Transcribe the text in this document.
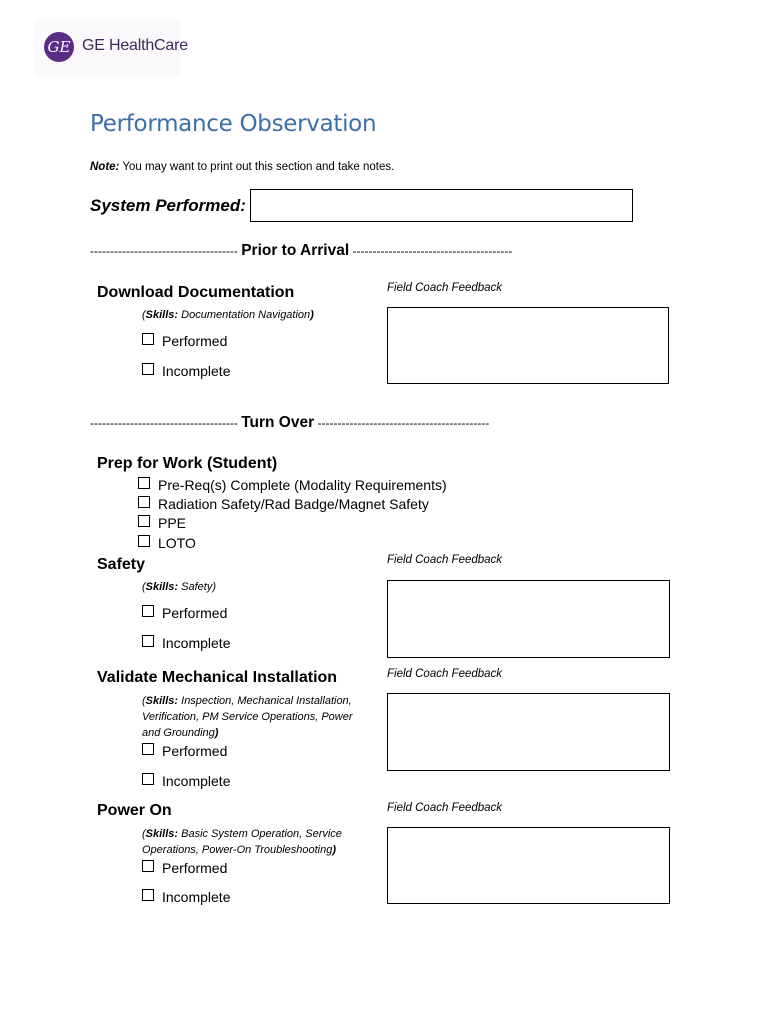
GE GE HealthCare
Performance Observation
Note: You may want to print out this section and take notes.
System Performed:
------------------------------------- Prior to Arrival ----------------------------------------
Download Documentation
(Skills: Documentation Navigation)
Performed
Incomplete
Field Coach Feedback
------------------------------------- Turn Over -------------------------------------------
Prep for Work (Student)
Pre-Req(s) Complete (Modality Requirements)
Radiation Safety/Rad Badge/Magnet Safety
PPE
LOTO
Safety
(Skills: Safety)
Performed
Incomplete
Field Coach Feedback
Validate Mechanical Installation
(Skills: Inspection, Mechanical Installation,
Verification, PM Service Operations, Power
and Grounding)
Performed
Incomplete
Field Coach Feedback
Power On
(Skills: Basic System Operation, Service
Operations, Power-On Troubleshooting)
Performed
Incomplete
Field Coach Feedback
